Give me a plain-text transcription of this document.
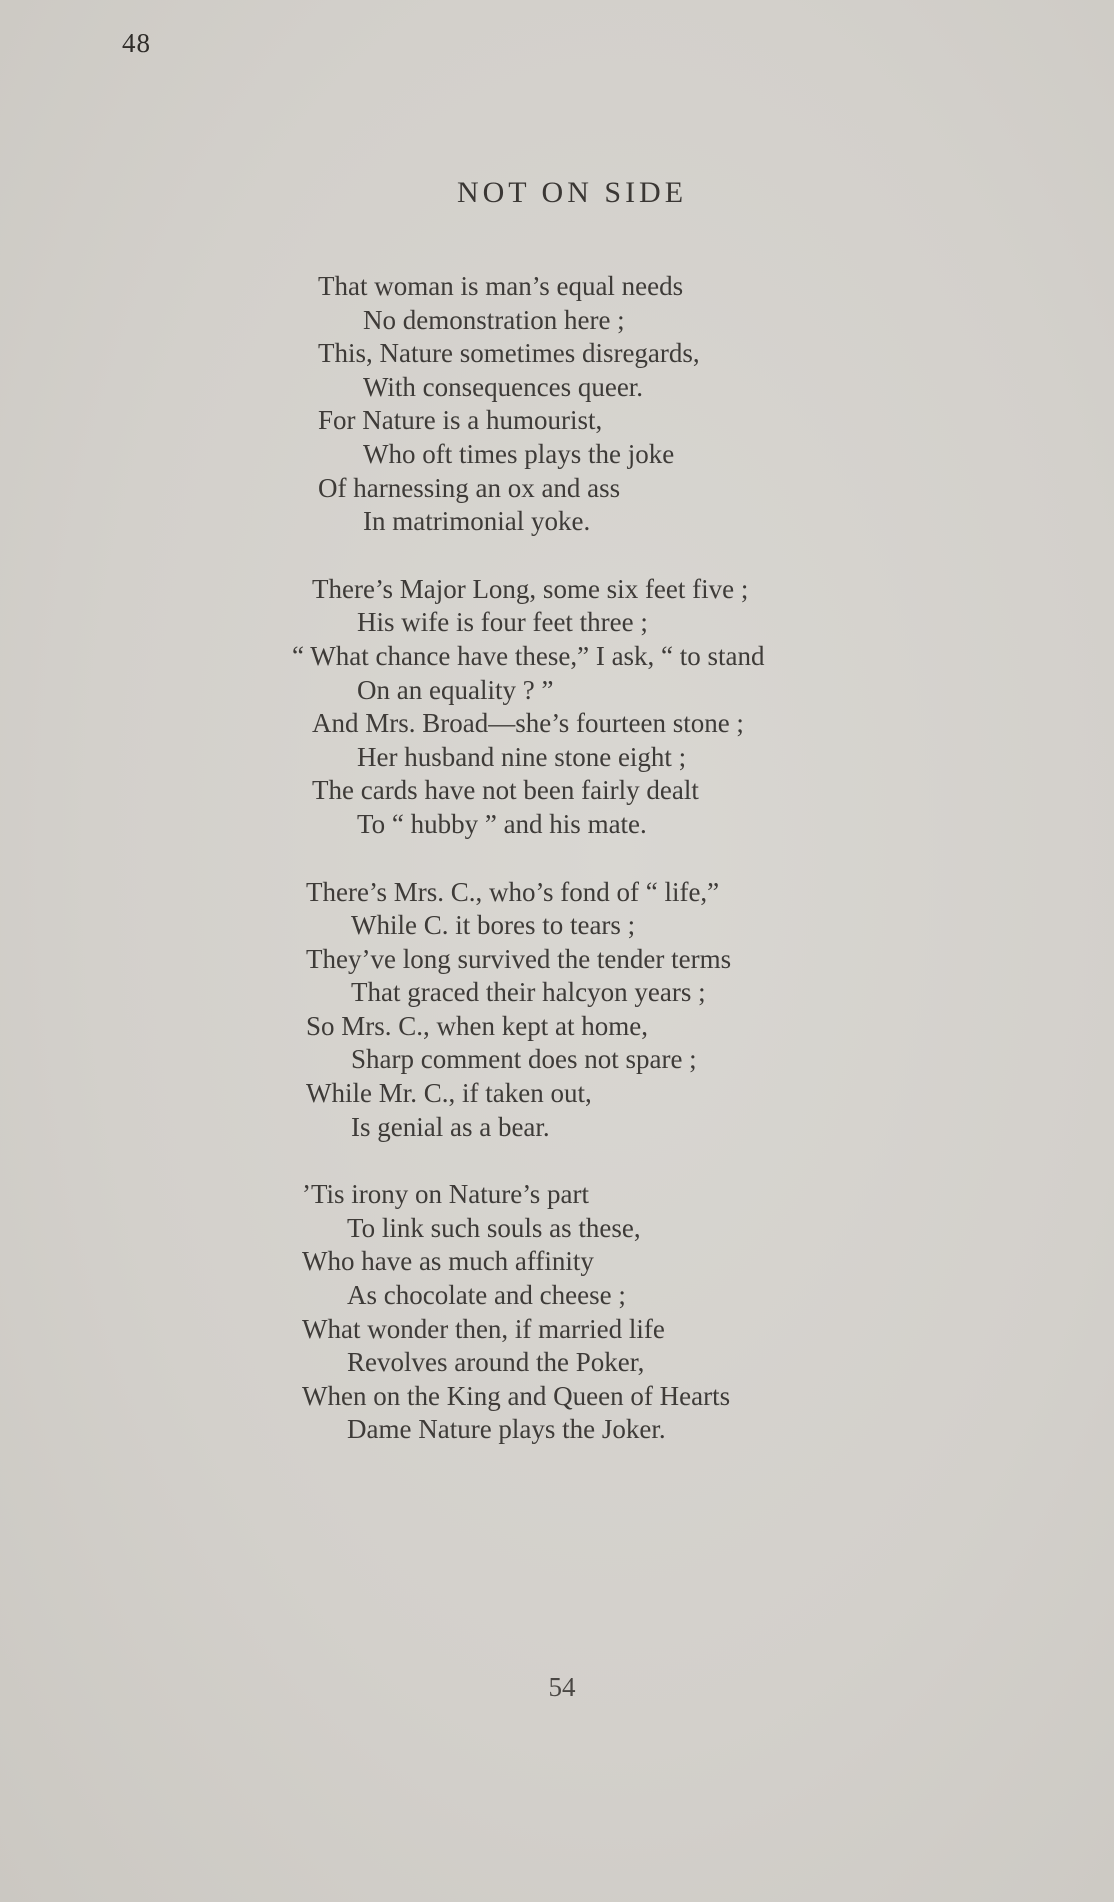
48
NOT ON SIDE
That woman is man’s equal needs
No demonstration here ;
This, Nature sometimes disregards,
With consequences queer.
For Nature is a humourist,
Who oft times plays the joke
Of harnessing an ox and ass
In matrimonial yoke.
There’s Major Long, some six feet five ;
His wife is four feet three ;
“ What chance have these,” I ask, “ to stand
On an equality ? ”
And Mrs. Broad—she’s fourteen stone ;
Her husband nine stone eight ;
The cards have not been fairly dealt
To “ hubby ” and his mate.
There’s Mrs. C., who’s fond of “ life,”
While C. it bores to tears ;
They’ve long survived the tender terms
That graced their halcyon years ;
So Mrs. C., when kept at home,
Sharp comment does not spare ;
While Mr. C., if taken out,
Is genial as a bear.
’Tis irony on Nature’s part
To link such souls as these,
Who have as much affinity
As chocolate and cheese ;
What wonder then, if married life
Revolves around the Poker,
When on the King and Queen of Hearts
Dame Nature plays the Joker.
54
